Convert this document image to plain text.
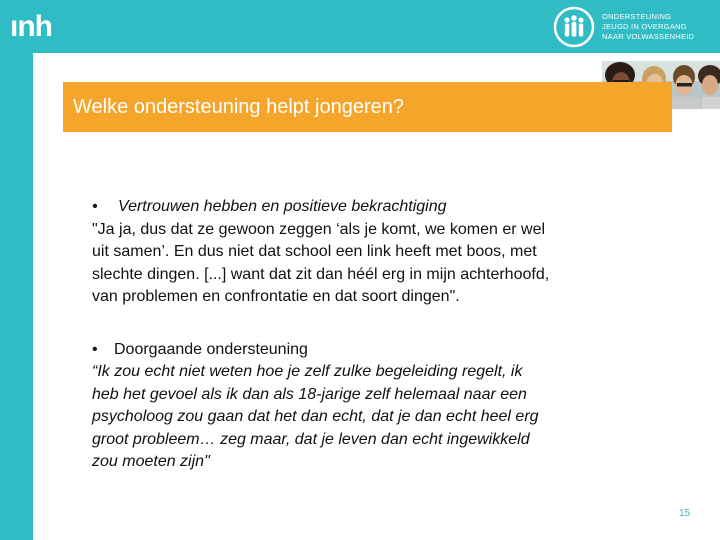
ınh	ONDERSTEUNING
JEUGD IN OVERGANG
NAAR VOLWASSENHEID
Welke ondersteuning helpt jongeren?
• Vertrouwen hebben en positieve bekrachtiging
"Ja ja, dus dat ze gewoon zeggen ‘als je komt, we komen er wel
uit samen’. En dus niet dat school een link heeft met boos, met
slechte dingen. [...] want dat zit dan héél erg in mijn achterhoofd,
van problemen en confrontatie en dat soort dingen".
• Doorgaande ondersteuning
“Ik zou echt niet weten hoe je zelf zulke begeleiding regelt, ik
heb het gevoel als ik dan als 18-jarige zelf helemaal naar een
psycholoog zou gaan dat het dan echt, dat je dan echt heel erg
groot probleem… zeg maar, dat je leven dan echt ingewikkeld
zou moeten zijn"
15
